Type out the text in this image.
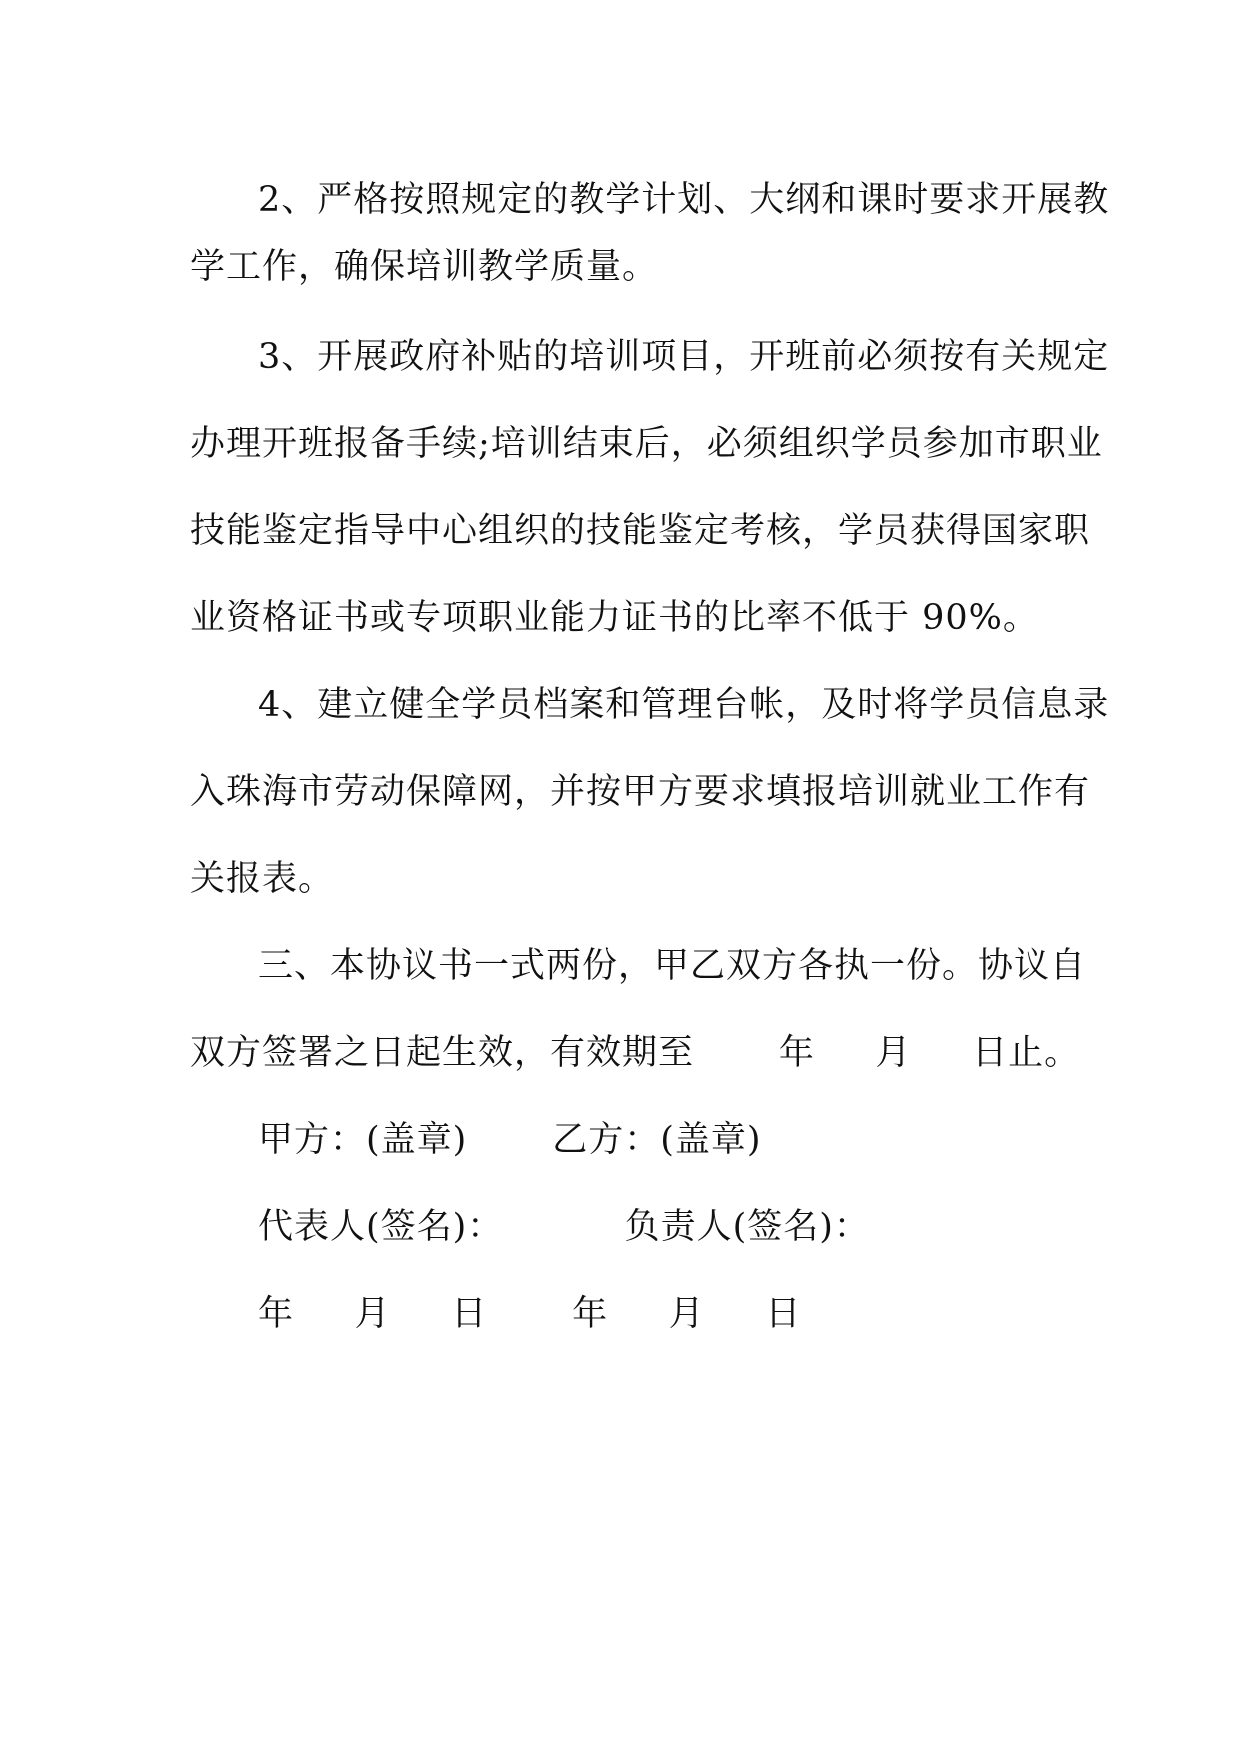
2、严格按照规定的教学计划、大纲和课时要求开展教
学工作，确保培训教学质量。
3、开展政府补贴的培训项目，开班前必须按有关规定
办理开班报备手续;培训结束后，必须组织学员参加市职业
技能鉴定指导中心组织的技能鉴定考核，学员获得国家职
业资格证书或专项职业能力证书的比率不低于 90%。
4、建立健全学员档案和管理台帐，及时将学员信息录
入珠海市劳动保障网，并按甲方要求填报培训就业工作有
关报表。
三、本协议书一式两份，甲乙双方各执一份。协议自
双方签署之日起生效，有效期至       年     月     日止。
甲方：(盖章)       乙方：(盖章)
代表人(签名)：          负责人(签名)：
年     月     日       年     月     日
